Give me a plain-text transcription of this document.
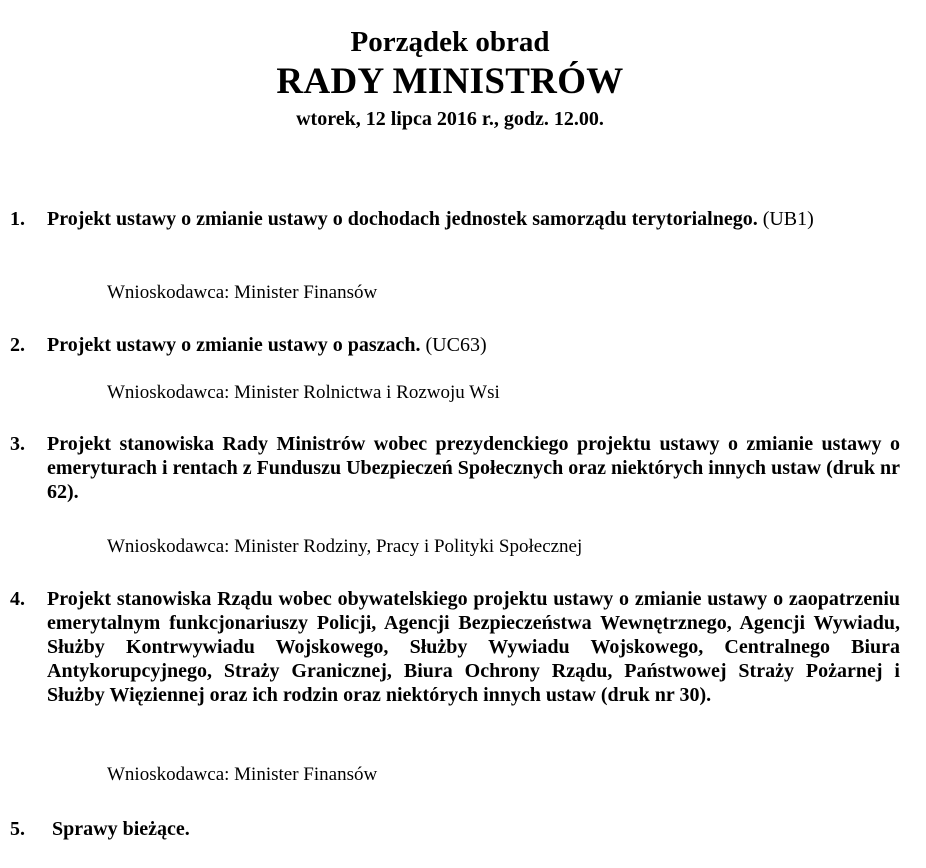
Porządek obrad
RADY MINISTRÓW
wtorek, 12 lipca 2016 r., godz. 12.00.
1. Projekt ustawy o zmianie ustawy o dochodach jednostek samorządu terytorialnego. (UB1)
Wnioskodawca: Minister Finansów
2. Projekt ustawy o zmianie ustawy o paszach. (UC63)
Wnioskodawca: Minister Rolnictwa i Rozwoju Wsi
3. Projekt stanowiska Rady Ministrów wobec prezydenckiego projektu ustawy o zmianie ustawy o emeryturach i rentach z Funduszu Ubezpieczeń Społecznych oraz niektórych innych ustaw (druk nr 62).
Wnioskodawca: Minister Rodziny, Pracy i Polityki Społecznej
4. Projekt stanowiska Rządu wobec obywatelskiego projektu ustawy o zmianie ustawy o zaopatrzeniu emerytalnym funkcjonariuszy Policji, Agencji Bezpieczeństwa Wewnętrznego, Agencji Wywiadu, Służby Kontrwywiadu Wojskowego, Służby Wywiadu Wojskowego, Centralnego Biura Antykorupcyjnego, Straży Granicznej, Biura Ochrony Rządu, Państwowej Straży Pożarnej i Służby Więziennej oraz ich rodzin oraz niektórych innych ustaw (druk nr 30).
Wnioskodawca: Minister Finansów
5. Sprawy bieżące.
